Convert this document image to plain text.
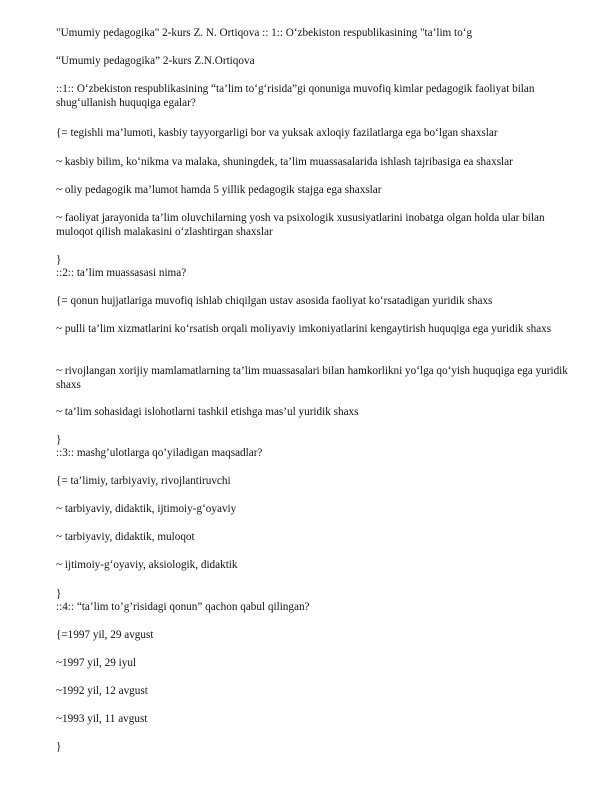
"Umumiy pedagogika" 2-kurs Z. N. Ortiqova :: 1:: O‘zbekiston respublikasining "ta’lim to‘g

“Umumiy pedagogika” 2-kurs Z.N.Ortiqova

::1:: O‘zbekiston respublikasining “ta’lim to‘g‘risida”gi qonuniga muvofiq kimlar pedagogik faoliyat bilan shug‘ullanish huquqiga egalar?

{= tegishli ma’lumoti, kasbiy tayyorgarligi bor va yuksak axloqiy fazilatlarga ega bo‘lgan shaxslar

~ kasbiy bilim, ko‘nikma va malaka, shuningdek, ta’lim muassasalarida ishlash tajribasiga ea shaxslar

~ oliy pedagogik ma’lumot hamda 5 yillik pedagogik stajga ega shaxslar

~ faoliyat jarayonida ta’lim oluvchilarning yosh va psixologik xususiyatlarini inobatga olgan holda ular bilan muloqot qilish malakasini o‘zlashtirgan shaxslar

}

::2:: ta’lim muassasasi nima?

{= qonun hujjatlariga muvofiq ishlab chiqilgan ustav asosida faoliyat ko‘rsatadigan yuridik shaxs

~ pulli ta’lim xizmatlarini ko‘rsatish orqali moliyaviy imkoniyatlarini kengaytirish huquqiga ega yuridik shaxs

~ rivojlangan xorijiy mamlamatlarning ta’lim muassasalari bilan hamkorlikni yo‘lga qo‘yish huquqiga ega yuridik shaxs

~ ta’lim sohasidagi islohotlarni tashkil etishga mas’ul yuridik shaxs

}

::3:: mashg’ulotlarga qo’yiladigan maqsadlar?

{= ta’limiy, tarbiyaviy, rivojlantiruvchi

~ tarbiyaviy, didaktik, ijtimoiy-g‘oyaviy

~ tarbiyaviy, didaktik, muloqot

~ ijtimoiy-g‘oyaviy, aksiologik, didaktik

}

::4:: “ta’lim to’g’risidagi qonun” qachon qabul qilingan?

{=1997 yil, 29 avgust

~1997 yil, 29 iyul

~1992 yil, 12 avgust

~1993 yil, 11 avgust

}
